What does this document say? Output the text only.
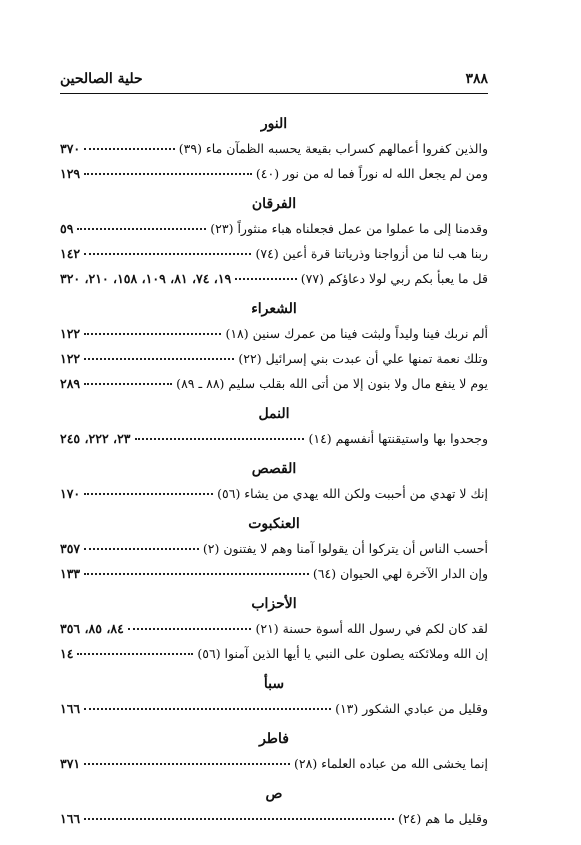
٣٨٨
حلية الصالحين
النور
والذين كفروا أعمالهم كسراب بقيعة يحسبه الظمآن ماء (٣٩)
٣٧٠
ومن لم يجعل الله له نوراً فما له من نور (٤٠)
١٢٩
الفرقان
وقدمنا إلى ما عملوا من عمل فجعلناه هباء منثوراً (٢٣)
٥٩
ربنا هب لنا من أزواجنا وذرياتنا قرة أعين (٧٤)
١٤٢
قل ما يعبأ بكم ربي لولا دعاؤكم (٧٧)
١٩، ٧٤، ٨١، ١٠٩، ١٥٨، ٢١٠، ٣٢٠
الشعراء
ألم نربك فينا وليداً ولبثت فينا من عمرك سنين (١٨)
١٢٢
وتلك نعمة تمنها علي أن عبدت بني إسرائيل (٢٢)
١٢٢
يوم لا ينفع مال ولا بنون إلا من أتى الله بقلب سليم (٨٨ ـ ٨٩)
٢٨٩
النمل
وجحدوا بها واستيقنتها أنفسهم (١٤)
٢٣، ٢٢٢، ٢٤٥
القصص
إنك لا تهدي من أحببت ولكن الله يهدي من يشاء (٥٦)
١٧٠
العنكبوت
أحسب الناس أن يتركوا أن يقولوا آمنا وهم لا يفتنون (٢)
٣٥٧
وإن الدار الآخرة لهي الحيوان (٦٤)
١٣٣
الأحزاب
لقد كان لكم في رسول الله أسوة حسنة (٢١)
٨٤، ٨٥، ٣٥٦
إن الله وملائكته يصلون على النبي يا أيها الذين آمنوا (٥٦)
١٤
سبأ
وقليل من عبادي الشكور (١٣)
١٦٦
فاطر
إنما يخشى الله من عباده العلماء (٢٨)
٣٧١
ص
وقليل ما هم (٢٤)
١٦٦
